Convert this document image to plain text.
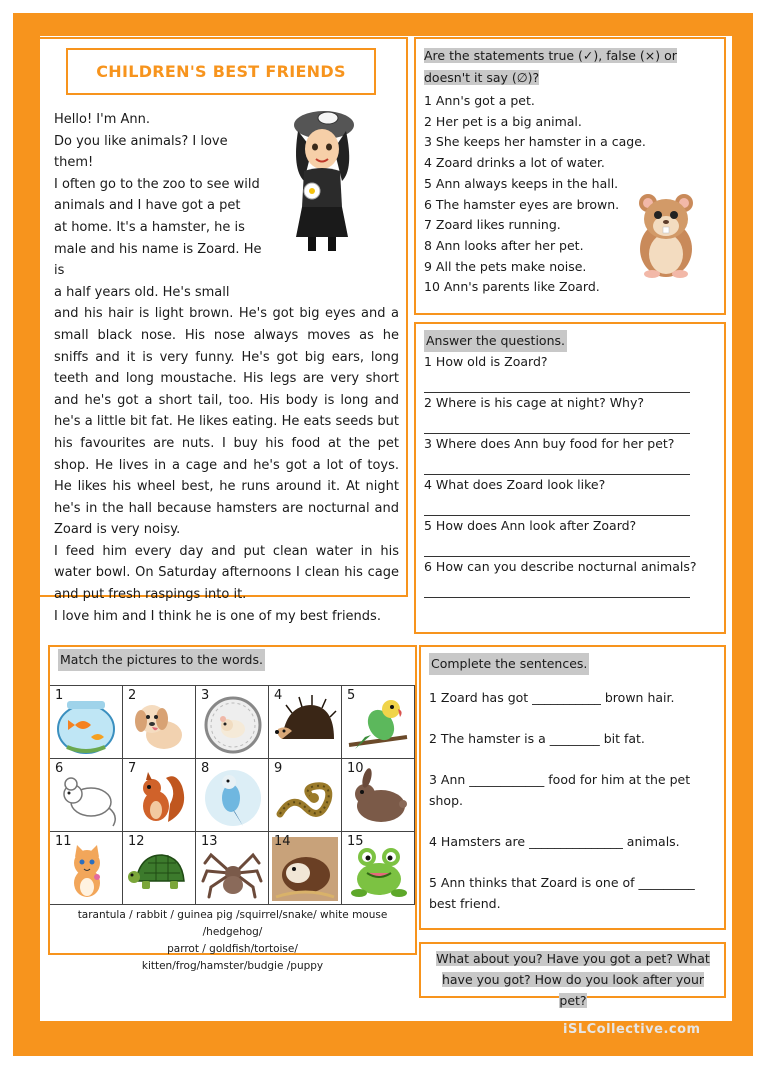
CHILDREN'S BEST FRIENDS

Hello! I'm Ann.

Do you like animals? I love them!

I often go to the zoo to see wild

animals and I have got a pet

at home. It's a hamster, he is

male and his name is Zoard. He is

a half years old. He's small

and his hair is light brown. He's got big eyes and a small black nose. His nose always moves as he sniffs and it is very funny. He's got big ears, long teeth and long moustache. His legs are very short and he's got a short tail, too. His body is long and he's a little bit fat. He likes eating. He eats seeds but his favourites are nuts. I buy his food at the pet shop. He lives in a cage and he's got a lot of toys. He likes his wheel best, he runs around it. At night he's in the hall because hamsters are nocturnal and Zoard is very noisy.

I feed him every day and put clean water in his water bowl. On Saturday afternoons I clean his cage and put fresh raspings into it.

I love him and I think he is one of my best friends.

Are the statements true (✓), false (×) or doesn't it say (∅)?
1 Ann's got a pet.
2 Her pet is a big animal.
3 She keeps her hamster in a cage.
4 Zoard drinks a lot of water.
5 Ann always keeps in the hall.
6 The hamster eyes are brown.
7 Zoard likes running.
8 Ann looks after her pet.
9 All the pets make noise.
10 Ann's parents like Zoard.
Answer the questions.
1 How old is Zoard?
2 Where is his cage at night? Why?
3 Where does Ann buy food for her pet?
4 What does Zoard look like?
5 How does Ann look after Zoard?
6 How can you describe nocturnal animals?
Match the pictures to the words.
1	2	3	4	5
6	7	8	9	10
11	12	13	14	15
tarantula / rabbit / guinea pig /squirrel/snake/ white mouse /hedgehog/
parrot / goldfish/tortoise/
kitten/frog/hamster/budgie /puppy
Complete the sentences.
1 Zoard has got ___________ brown hair.
2 The hamster is a ________ bit fat.
3 Ann ____________ food for him at the pet shop.
4 Hamsters are _______________ animals.
5 Ann thinks that Zoard is one of _________ best friend.
What about you? Have you got a pet? What have you got? How do you look after your pet?
iSLCollective.com
